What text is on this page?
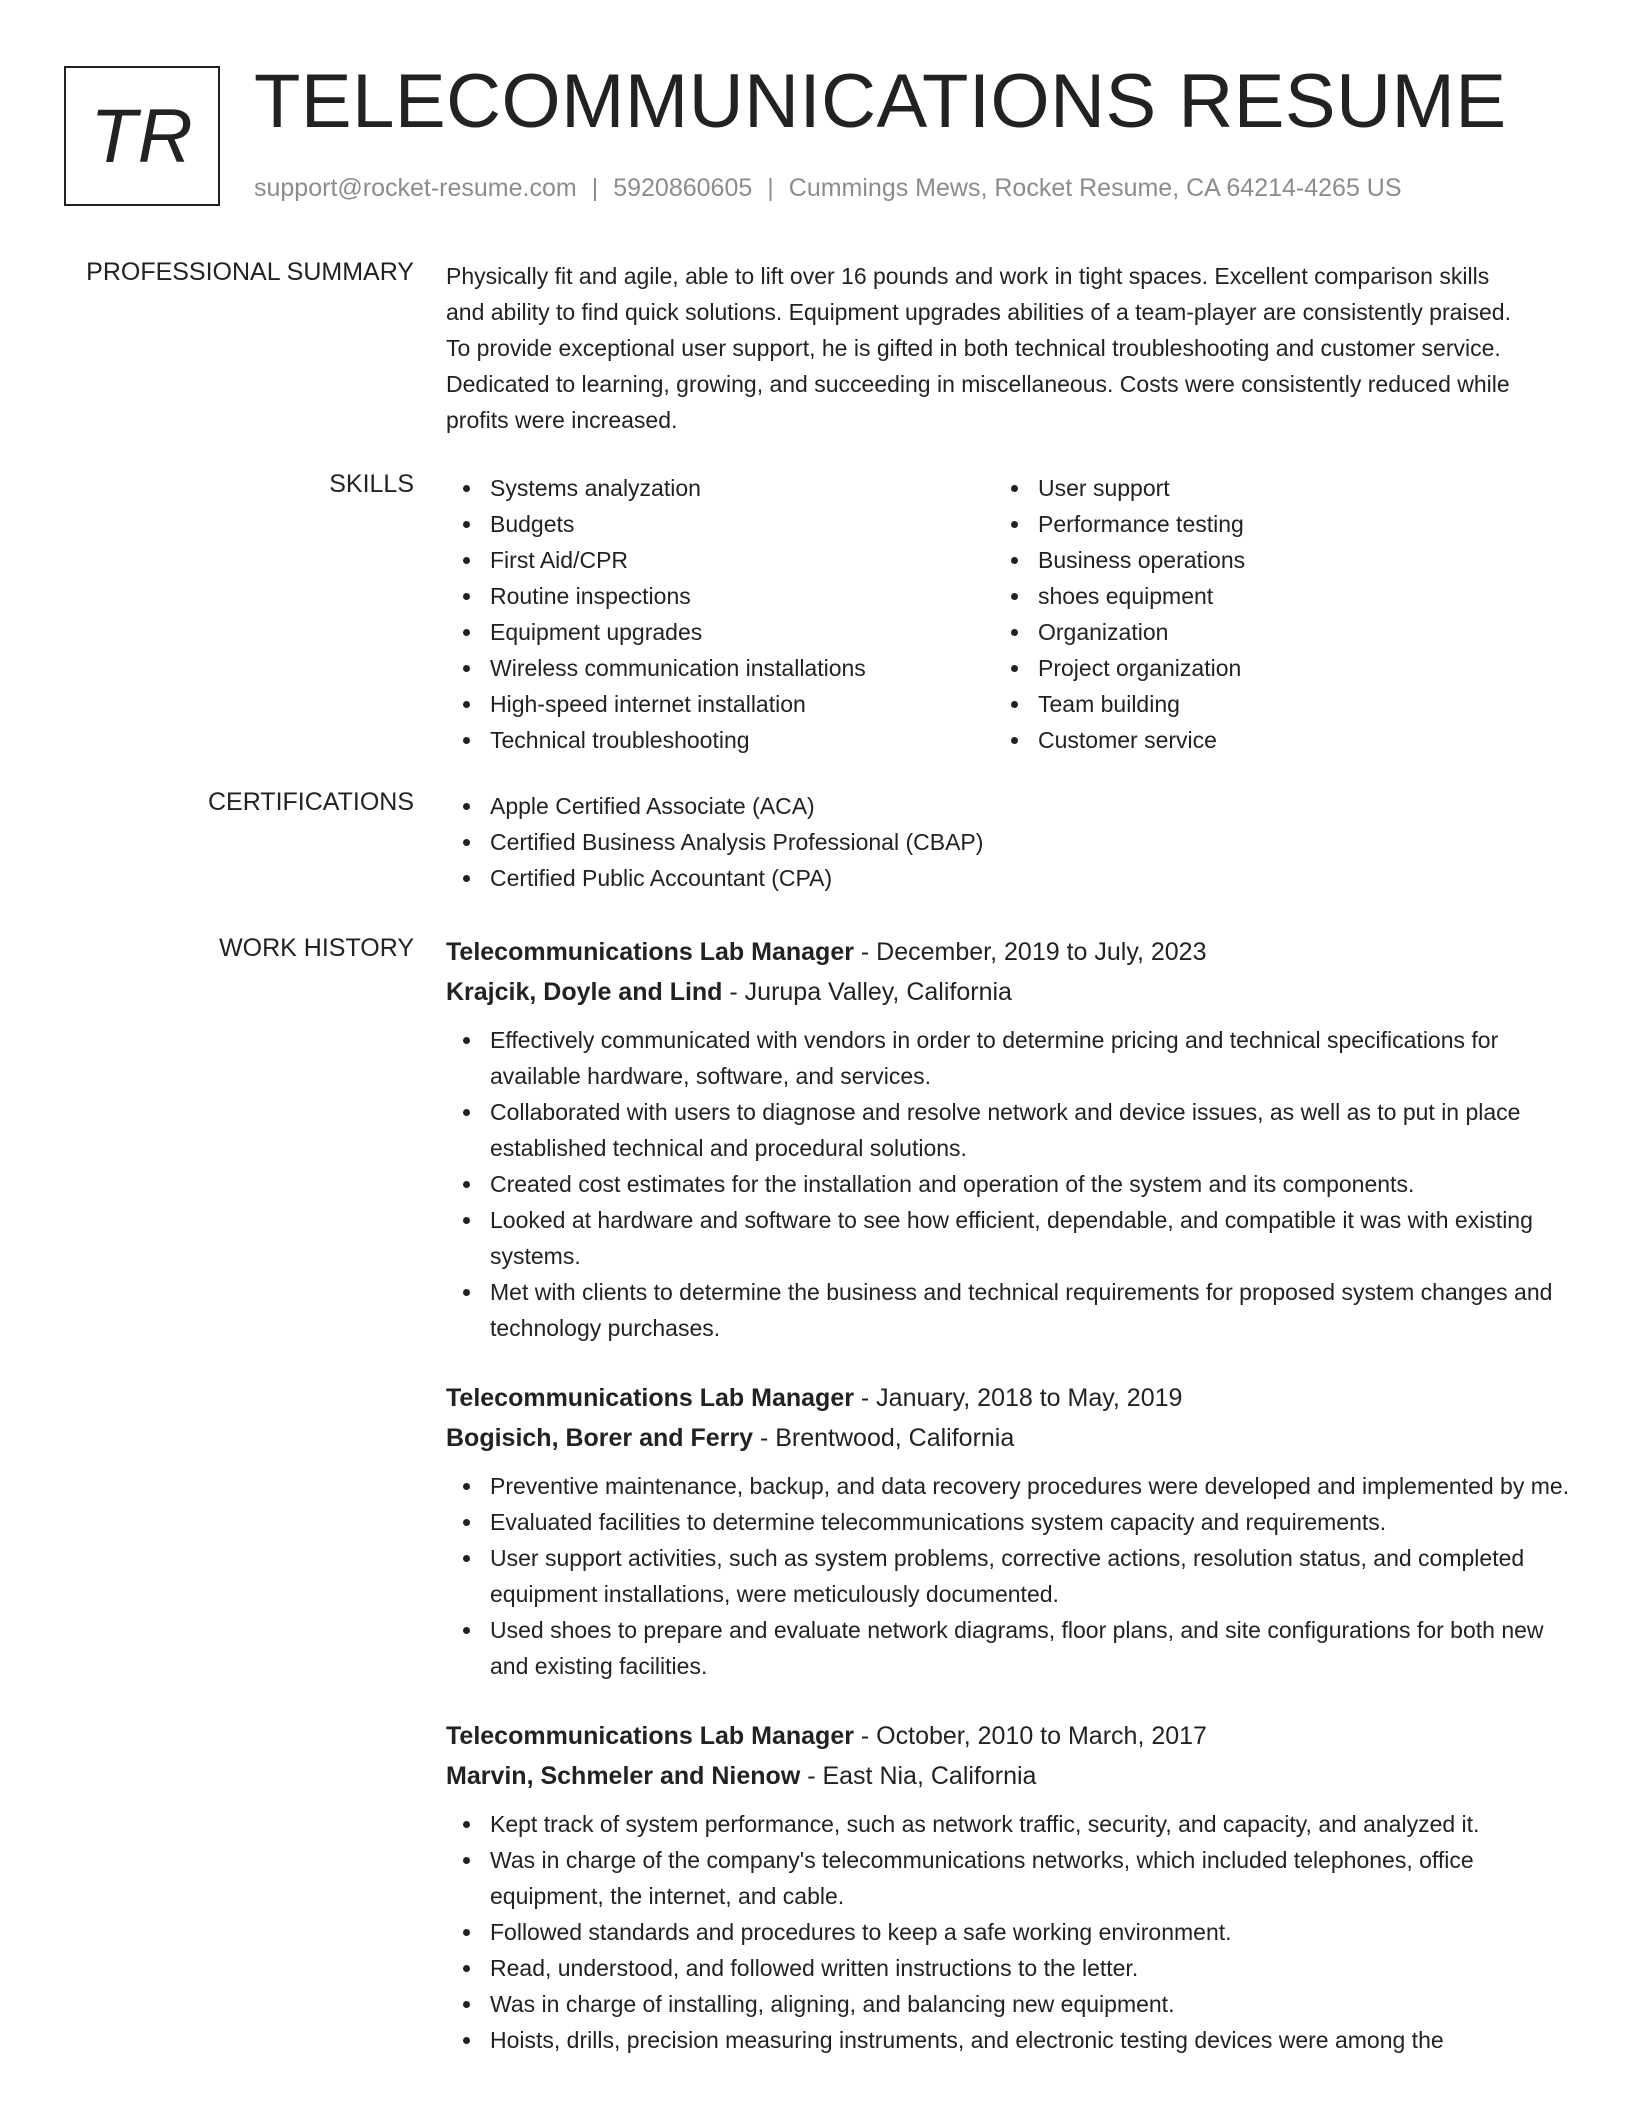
TR TELECOMMUNICATIONS RESUME
support@rocket-resume.com | 5920860605 | Cummings Mews, Rocket Resume, CA 64214-4265 US
PROFESSIONAL SUMMARY Physically fit and agile, able to lift over 16 pounds and work in tight spaces. Excellent comparison skills and ability to find quick solutions. Equipment upgrades abilities of a team-player are consistently praised. To provide exceptional user support, he is gifted in both technical troubleshooting and customer service. Dedicated to learning, growing, and succeeding in miscellaneous. Costs were consistently reduced while profits were increased.

SKILLS	Systems analyzation
Budgets
First Aid/CPR
Routine inspections
Equipment upgrades
Wireless communication installations
High-speed internet installation
Technical troubleshooting
User support
Performance testing
Business operations
shoes equipment
Organization
Project organization
Team building
Customer service
CERTIFICATIONS	Apple Certified Associate (ACA)
Certified Business Analysis Professional (CBAP)
Certified Public Accountant (CPA)
WORK HISTORY Telecommunications Lab Manager - December, 2019 to July, 2023
Krajcik, Doyle and Lind - Jurupa Valley, California
Effectively communicated with vendors in order to determine pricing and technical specifications for available hardware, software, and services.
Collaborated with users to diagnose and resolve network and device issues, as well as to put in place established technical and procedural solutions.
Created cost estimates for the installation and operation of the system and its components.
Looked at hardware and software to see how efficient, dependable, and compatible it was with existing systems.
Met with clients to determine the business and technical requirements for proposed system changes and technology purchases.
Telecommunications Lab Manager - January, 2018 to May, 2019
Bogisich, Borer and Ferry - Brentwood, California
Preventive maintenance, backup, and data recovery procedures were developed and implemented by me.
Evaluated facilities to determine telecommunications system capacity and requirements.
User support activities, such as system problems, corrective actions, resolution status, and completed equipment installations, were meticulously documented.
Used shoes to prepare and evaluate network diagrams, floor plans, and site configurations for both new and existing facilities.
Telecommunications Lab Manager - October, 2010 to March, 2017
Marvin, Schmeler and Nienow - East Nia, California
Kept track of system performance, such as network traffic, security, and capacity, and analyzed it.
Was in charge of the company's telecommunications networks, which included telephones, office equipment, the internet, and cable.
Followed standards and procedures to keep a safe working environment.
Read, understood, and followed written instructions to the letter.
Was in charge of installing, aligning, and balancing new equipment.
Hoists, drills, precision measuring instruments, and electronic testing devices were among the
